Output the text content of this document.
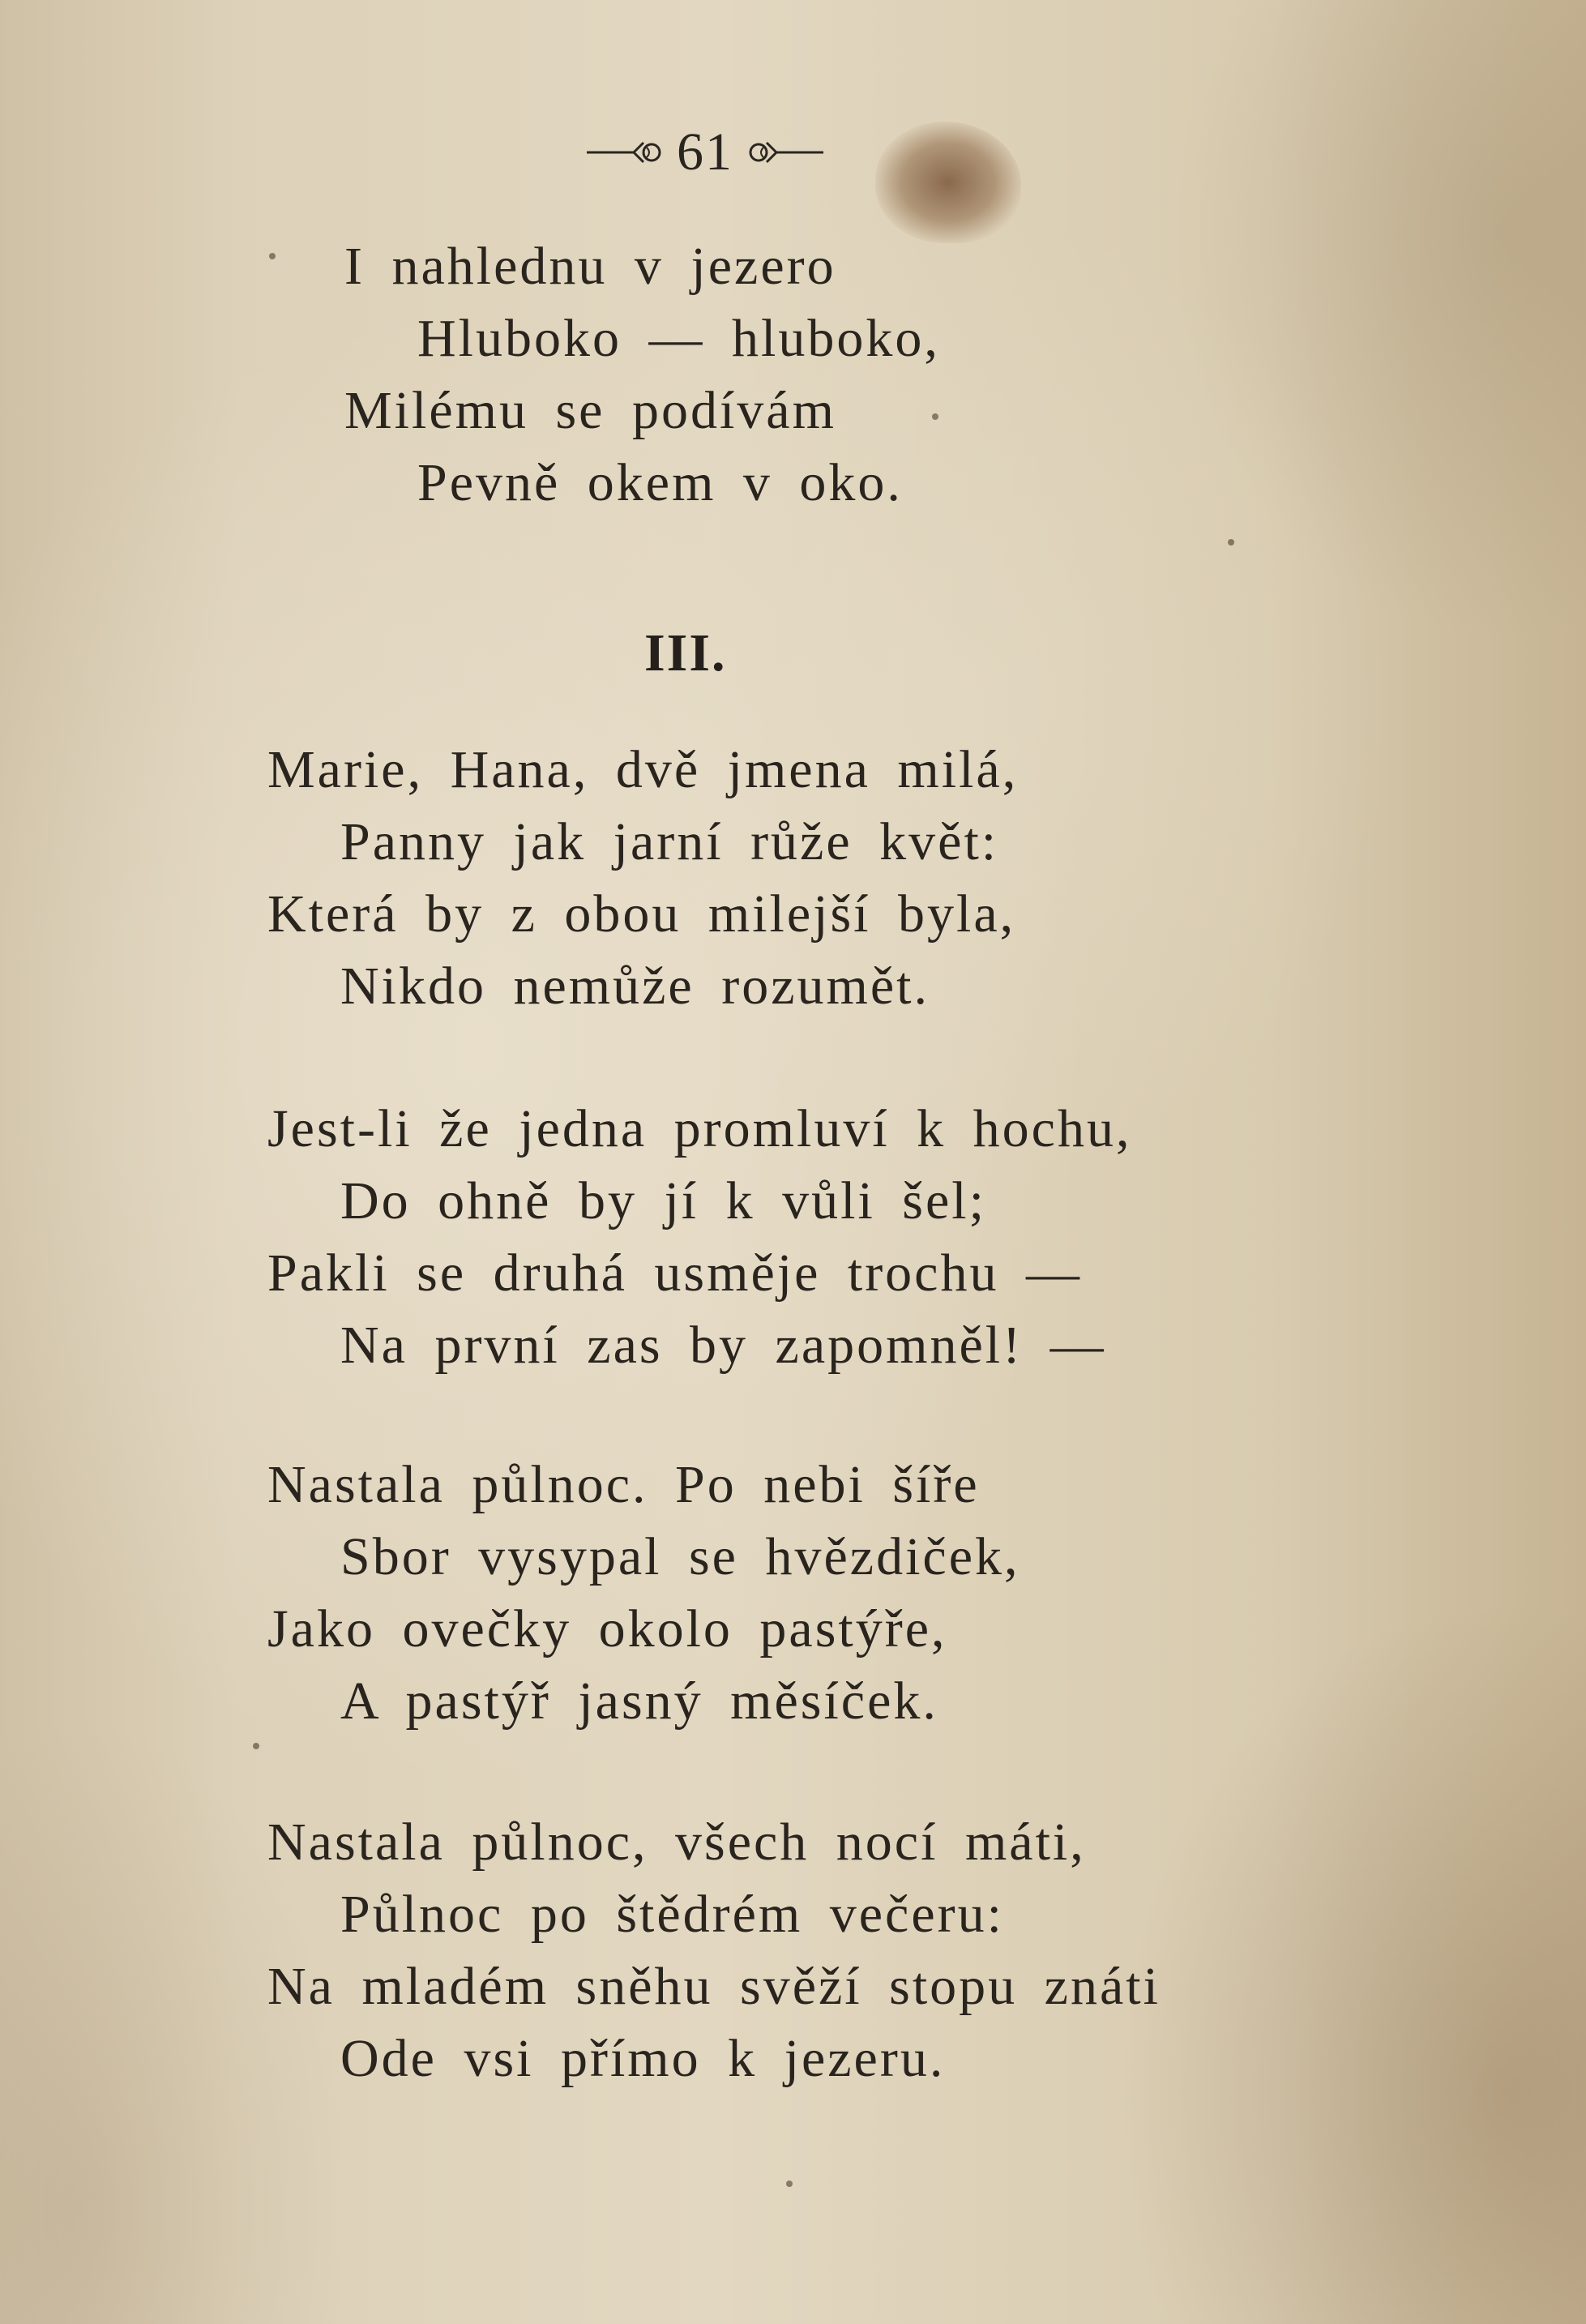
61
I nahlednu v jezero
Hluboko — hluboko,
Milému se podívám
Pevně okem v oko.
III.
Marie, Hana, dvě jmena milá,
Panny jak jarní růže květ:
Která by z obou milejší byla,
Nikdo nemůže rozumět.
Jest-li že jedna promluví k hochu,
Do ohně by jí k vůli šel;
Pakli se druhá usměje trochu —
Na první zas by zapomněl! —
Nastala půlnoc. Po nebi šíře
Sbor vysypal se hvězdiček,
Jako ovečky okolo pastýře,
A pastýř jasný měsíček.
Nastala půlnoc, všech nocí máti,
Půlnoc po štědrém večeru:
Na mladém sněhu svěží stopu znáti
Ode vsi přímo k jezeru.
